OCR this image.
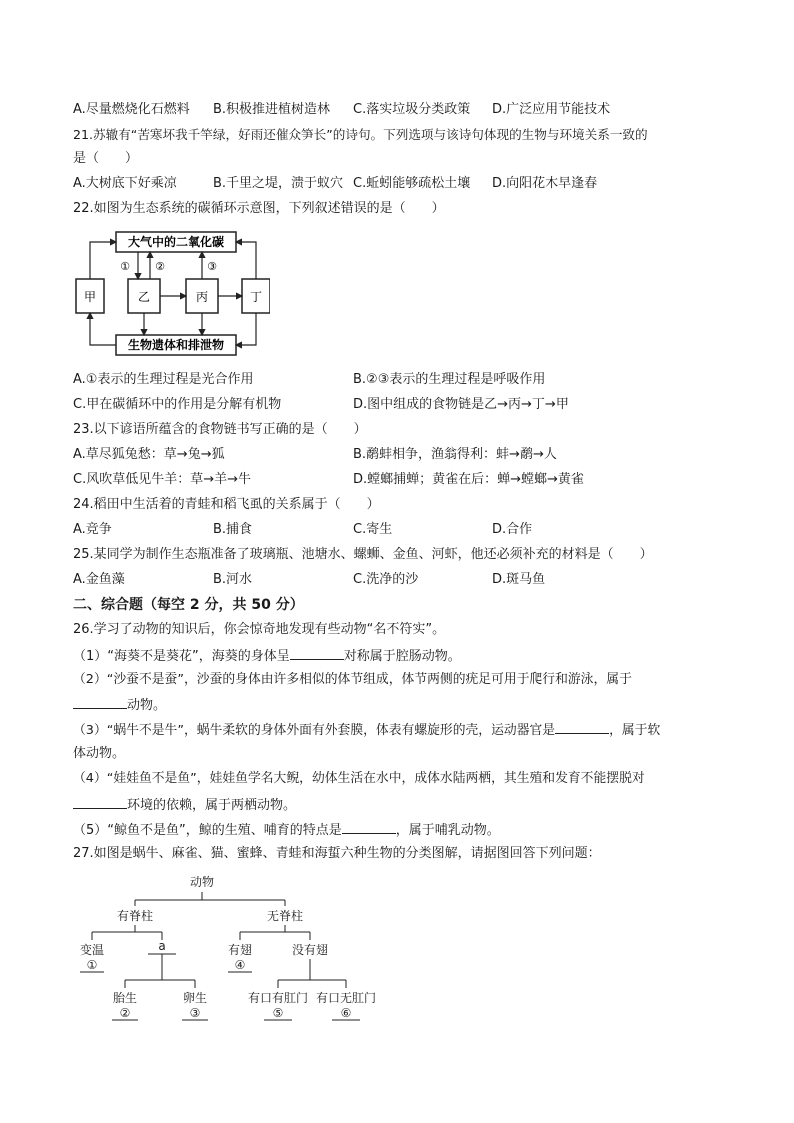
A.尽量燃烧化石燃料 B.积极推进植树造林 C.落实垃圾分类政策 D.广泛应用节能技术
21.苏辙有“苦寒坏我千竿绿，好雨还催众笋长”的诗句。下列选项与该诗句体现的生物与环境关系一致的
是（　　）
A.大树底下好乘凉	B.千里之堤，溃于蚁穴 C.蚯蚓能够疏松土壤 D.向阳花木早逢春
22.如图为生态系统的碳循环示意图，下列叙述错误的是（　　）
大气中的二氧化碳
生物遗体和排泄物
甲	乙	丙	丁
① ②	③
A.①表示的生理过程是光合作用	B.②③表示的生理过程是呼吸作用
C.甲在碳循环中的作用是分解有机物	D.图中组成的食物链是乙→丙→丁→甲
23.以下谚语所蕴含的食物链书写正确的是（　　）
A.草尽狐兔愁：草→兔→狐	B.鹬蚌相争，渔翁得利：蚌→鹬→人
C.风吹草低见牛羊：草→羊→牛	D.螳螂捕蝉；黄雀在后：蝉→螳螂→黄雀
24.稻田中生活着的青蛙和稻飞虱的关系属于（　　）
A.竞争	B.捕食	C.寄生	D.合作
25.某同学为制作生态瓶准备了玻璃瓶、池塘水、螺蛳、金鱼、河虾，他还必须补充的材料是（　　）
A.金鱼藻	B.河水	C.洗净的沙	D.斑马鱼
二、综合题（每空 2 分，共 50 分）
26.学习了动物的知识后，你会惊奇地发现有些动物“名不符实”。
（1）“海葵不是葵花”，海葵的身体呈	对称属于腔肠动物。
（2）“沙蚕不是蚕”，沙蚕的身体由许多相似的体节组成，体节两侧的疣足可用于爬行和游泳，属于
动物。
（3）“蜗牛不是牛”，蜗牛柔软的身体外面有外套膜，体表有螺旋形的壳，运动器官是	，属于软
体动物。
（4）“娃娃鱼不是鱼”，娃娃鱼学名大鲵，幼体生活在水中，成体水陆两栖，其生殖和发育不能摆脱对
环境的依赖，属于两栖动物。
（5）“鲸鱼不是鱼”，鲸的生殖、哺育的特点是	，属于哺乳动物。
27.如图是蜗牛、麻雀、猫、蜜蜂、青蛙和海蜇六种生物的分类图解，请据图回答下列问题：
动物
有脊柱	无脊柱
变温	a
①
胎生	卵生
②	③
有翅	没有翅
④
有口有肛门 有口无肛门
⑤	⑥
